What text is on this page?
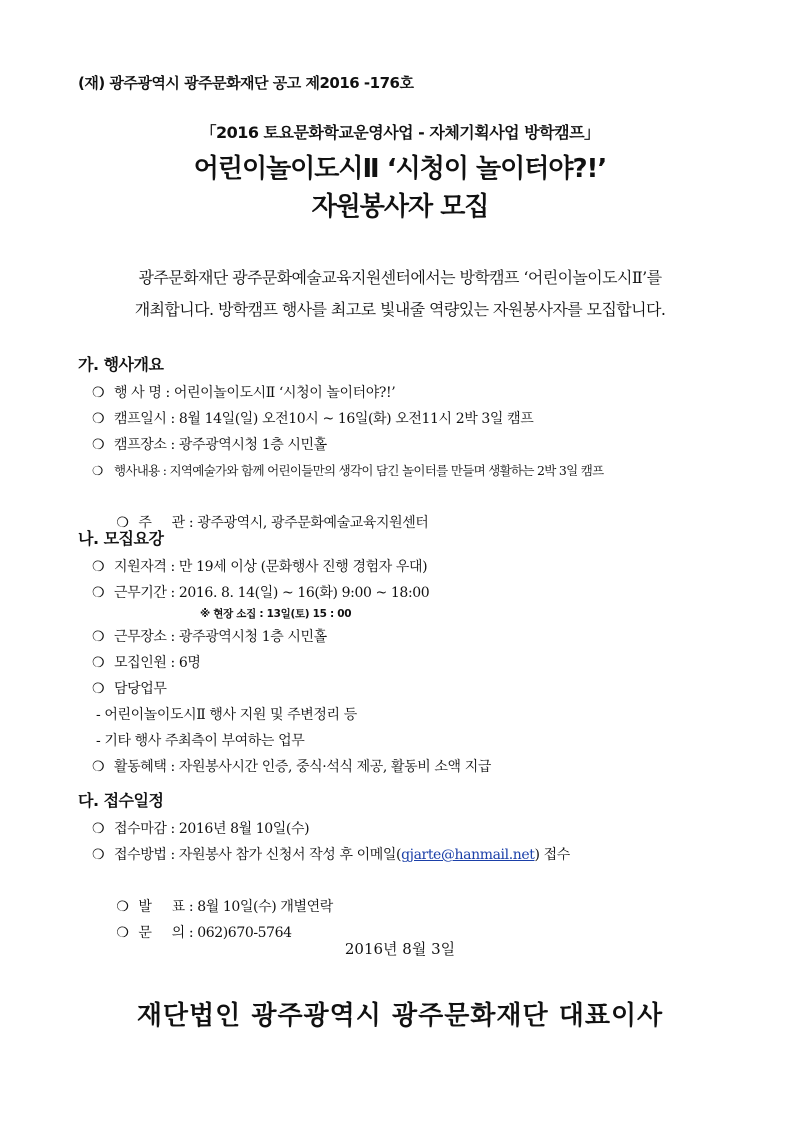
(재) 광주광역시 광주문화재단 공고 제2016 -176호
「2016 토요문화학교운영사업 - 자체기획사업 방학캠프」
어린이놀이도시Ⅱ ‘시청이 놀이터야?!’
자원봉사자 모집
광주문화재단 광주문화예술교육지원센터에서는 방학캠프 ‘어린이놀이도시Ⅱ’를
개최합니다. 방학캠프 행사를 최고로 빛내줄 역량있는 자원봉사자를 모집합니다.
가. 행사개요
❍ 행 사 명 : 어린이놀이도시Ⅱ ‘시청이 놀이터야?!’
❍ 캠프일시 : 8월 14일(일) 오전10시 ~ 16일(화) 오전11시 2박 3일 캠프
❍ 캠프장소 : 광주광역시청 1층 시민홀
❍ 행사내용 : 지역예술가와 함께 어린이들만의 생각이 담긴 놀이터를 만들며 생활하는 2박 3일 캠프

❍ 주     관 : 광주광역시, 광주문화예술교육지원센터

나. 모집요강
❍ 지원자격 : 만 19세 이상 (문화행사 진행 경험자 우대)
❍ 근무기간 : 2016. 8. 14(일) ~ 16(화) 9:00 ~ 18:00
※ 현장 소집 : 13일(토) 15 : 00
❍ 근무장소 : 광주광역시청 1층 시민홀
❍ 모집인원 : 6명
❍ 담당업무
- 어린이놀이도시Ⅱ 행사 지원 및 주변정리 등
- 기타 행사 주최측이 부여하는 업무
❍ 활동혜택 : 자원봉사시간 인증, 중식·석식 제공, 활동비 소액 지급
다. 접수일정
❍ 접수마감 : 2016년 8월 10일(수)
❍ 접수방법 : 자원봉사 참가 신청서 작성 후 이메일(gjarte@hanmail.net) 접수

❍ 발     표 : 8월 10일(수) 개별연락

❍ 문     의 : 062)670-5764

2016년 8월 3일
재단법인 광주광역시 광주문화재단 대표이사
